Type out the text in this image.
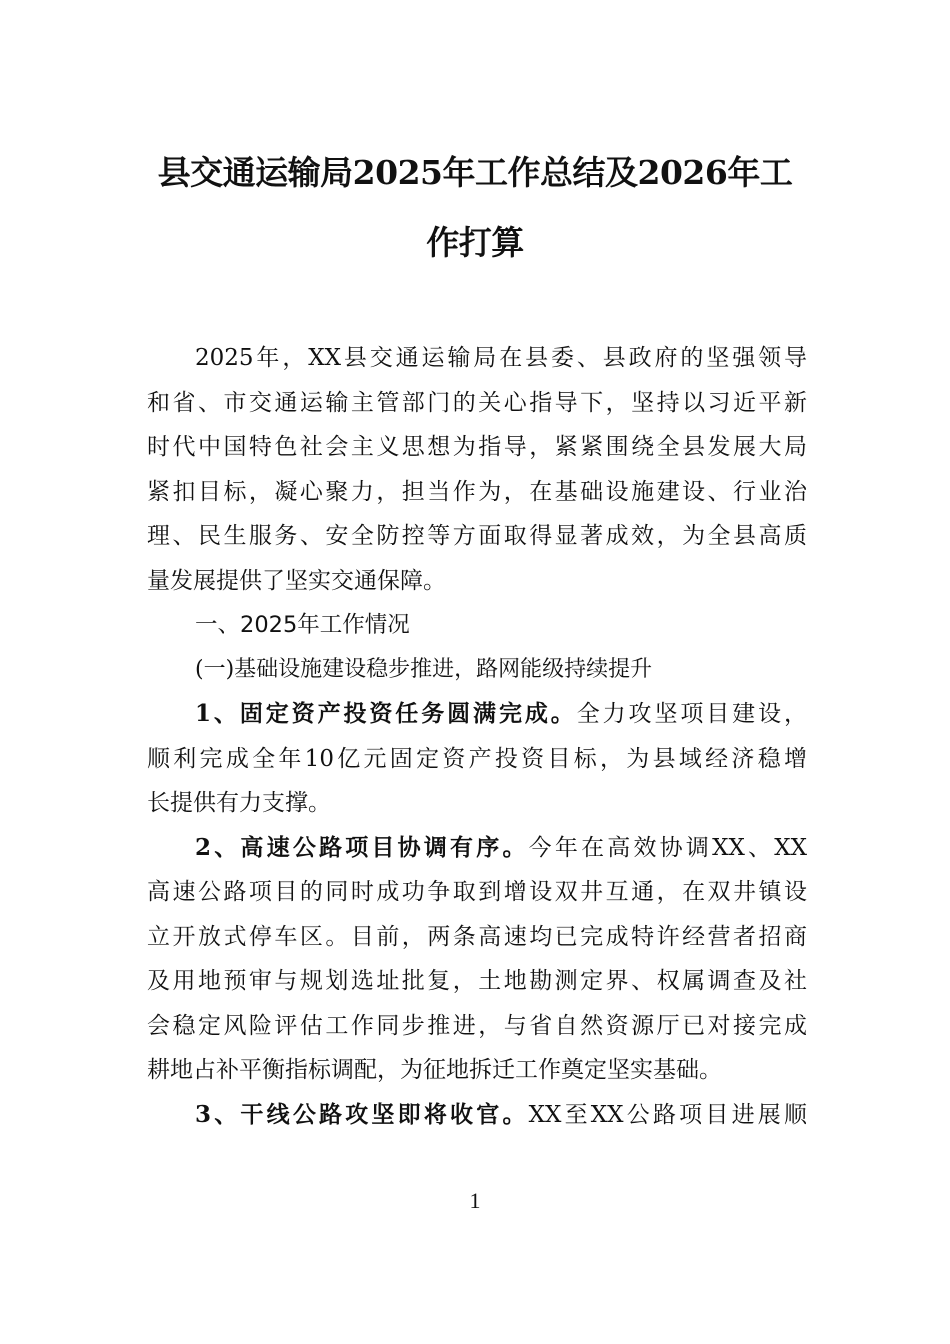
县交通运输局2025年工作总结及2026年工
作打算
2025年，XX县交通运输局在县委、县政府的坚强领导
和省、市交通运输主管部门的关心指导下，坚持以习近平新
时代中国特色社会主义思想为指导，紧紧围绕全县发展大局
紧扣目标，凝心聚力，担当作为，在基础设施建设、行业治
理、民生服务、安全防控等方面取得显著成效，为全县高质
量发展提供了坚实交通保障。
一、2025年工作情况
(一)基础设施建设稳步推进，路网能级持续提升
1、固定资产投资任务圆满完成。全力攻坚项目建设，
顺利完成全年10亿元固定资产投资目标，为县域经济稳增
长提供有力支撑。
2、高速公路项目协调有序。今年在高效协调XX、XX
高速公路项目的同时成功争取到增设双井互通，在双井镇设
立开放式停车区。目前，两条高速均已完成特许经营者招商
及用地预审与规划选址批复，土地勘测定界、权属调查及社
会稳定风险评估工作同步推进，与省自然资源厅已对接完成
耕地占补平衡指标调配，为征地拆迁工作奠定坚实基础。
3、干线公路攻坚即将收官。XX至XX公路项目进展顺
1
